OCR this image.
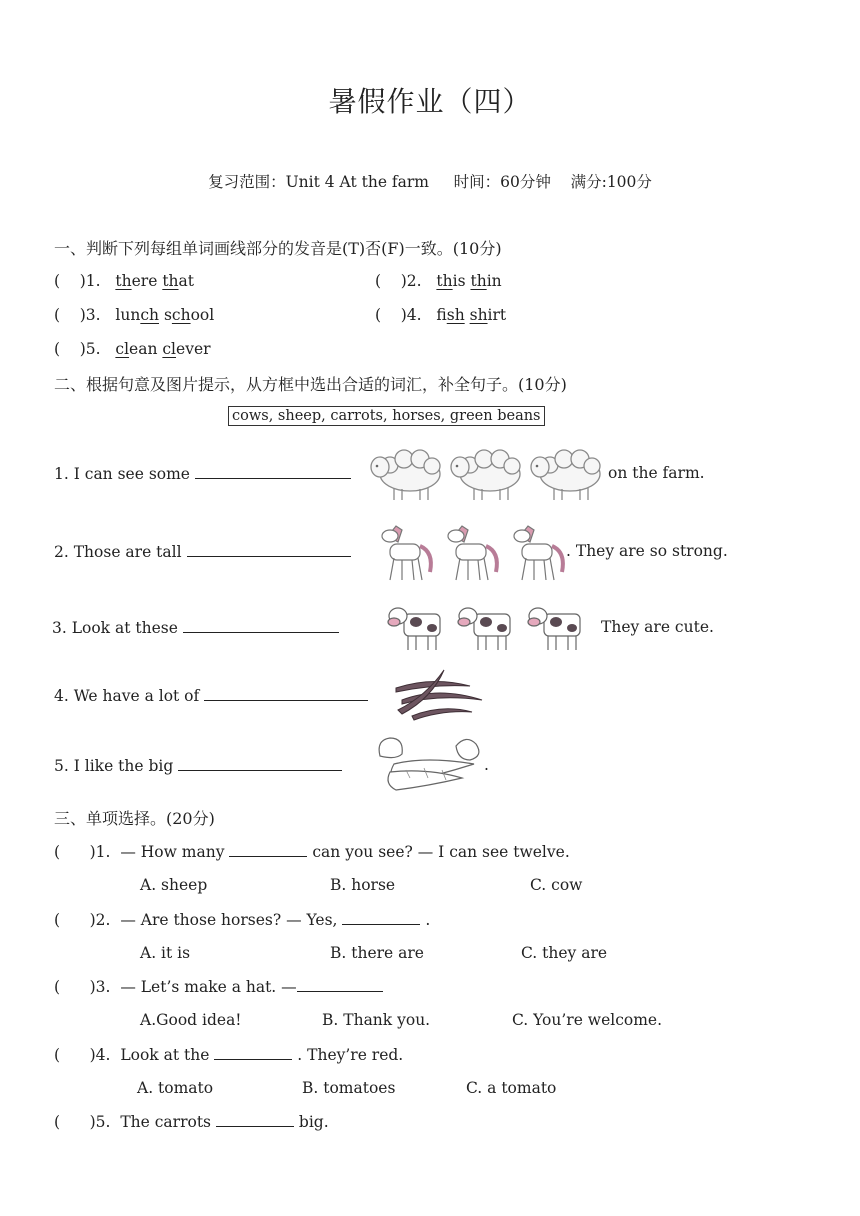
暑假作业（四）
复习范围：Unit 4 At the farm 时间：60分钟 满分:100分
一、判断下列每组单词画线部分的发音是(T)否(F)一致。(10分)
(    )1.   there that	(    )2.   this thin
(    )3.   lunch school	(    )4.   fish shirt
(    )5.   clean clever
二、根据句意及图片提示，从方框中选出合适的词汇，补全句子。(10分)
cows, sheep, carrots, horses, green beans
1. I can see some	on the farm.
2. Those are tall	. They are so strong.
3. Look at these	They are cute.
4. We have a lot of
5. I like the big	.
三、单项选择。(20分)
( )1. — How many	can you see? — I can see twelve.
A. sheep	B. horse	C. cow
( )2. — Are those horses? — Yes,	.
A. it is	B. there are	C. they are
( )3. — Let’s make a hat. —
A.Good idea!	B. Thank you.	C. You’re welcome.
( )4. Look at the	. They’re red.
A. tomato	B. tomatoes	C. a tomato
( )5. The carrots	big.
